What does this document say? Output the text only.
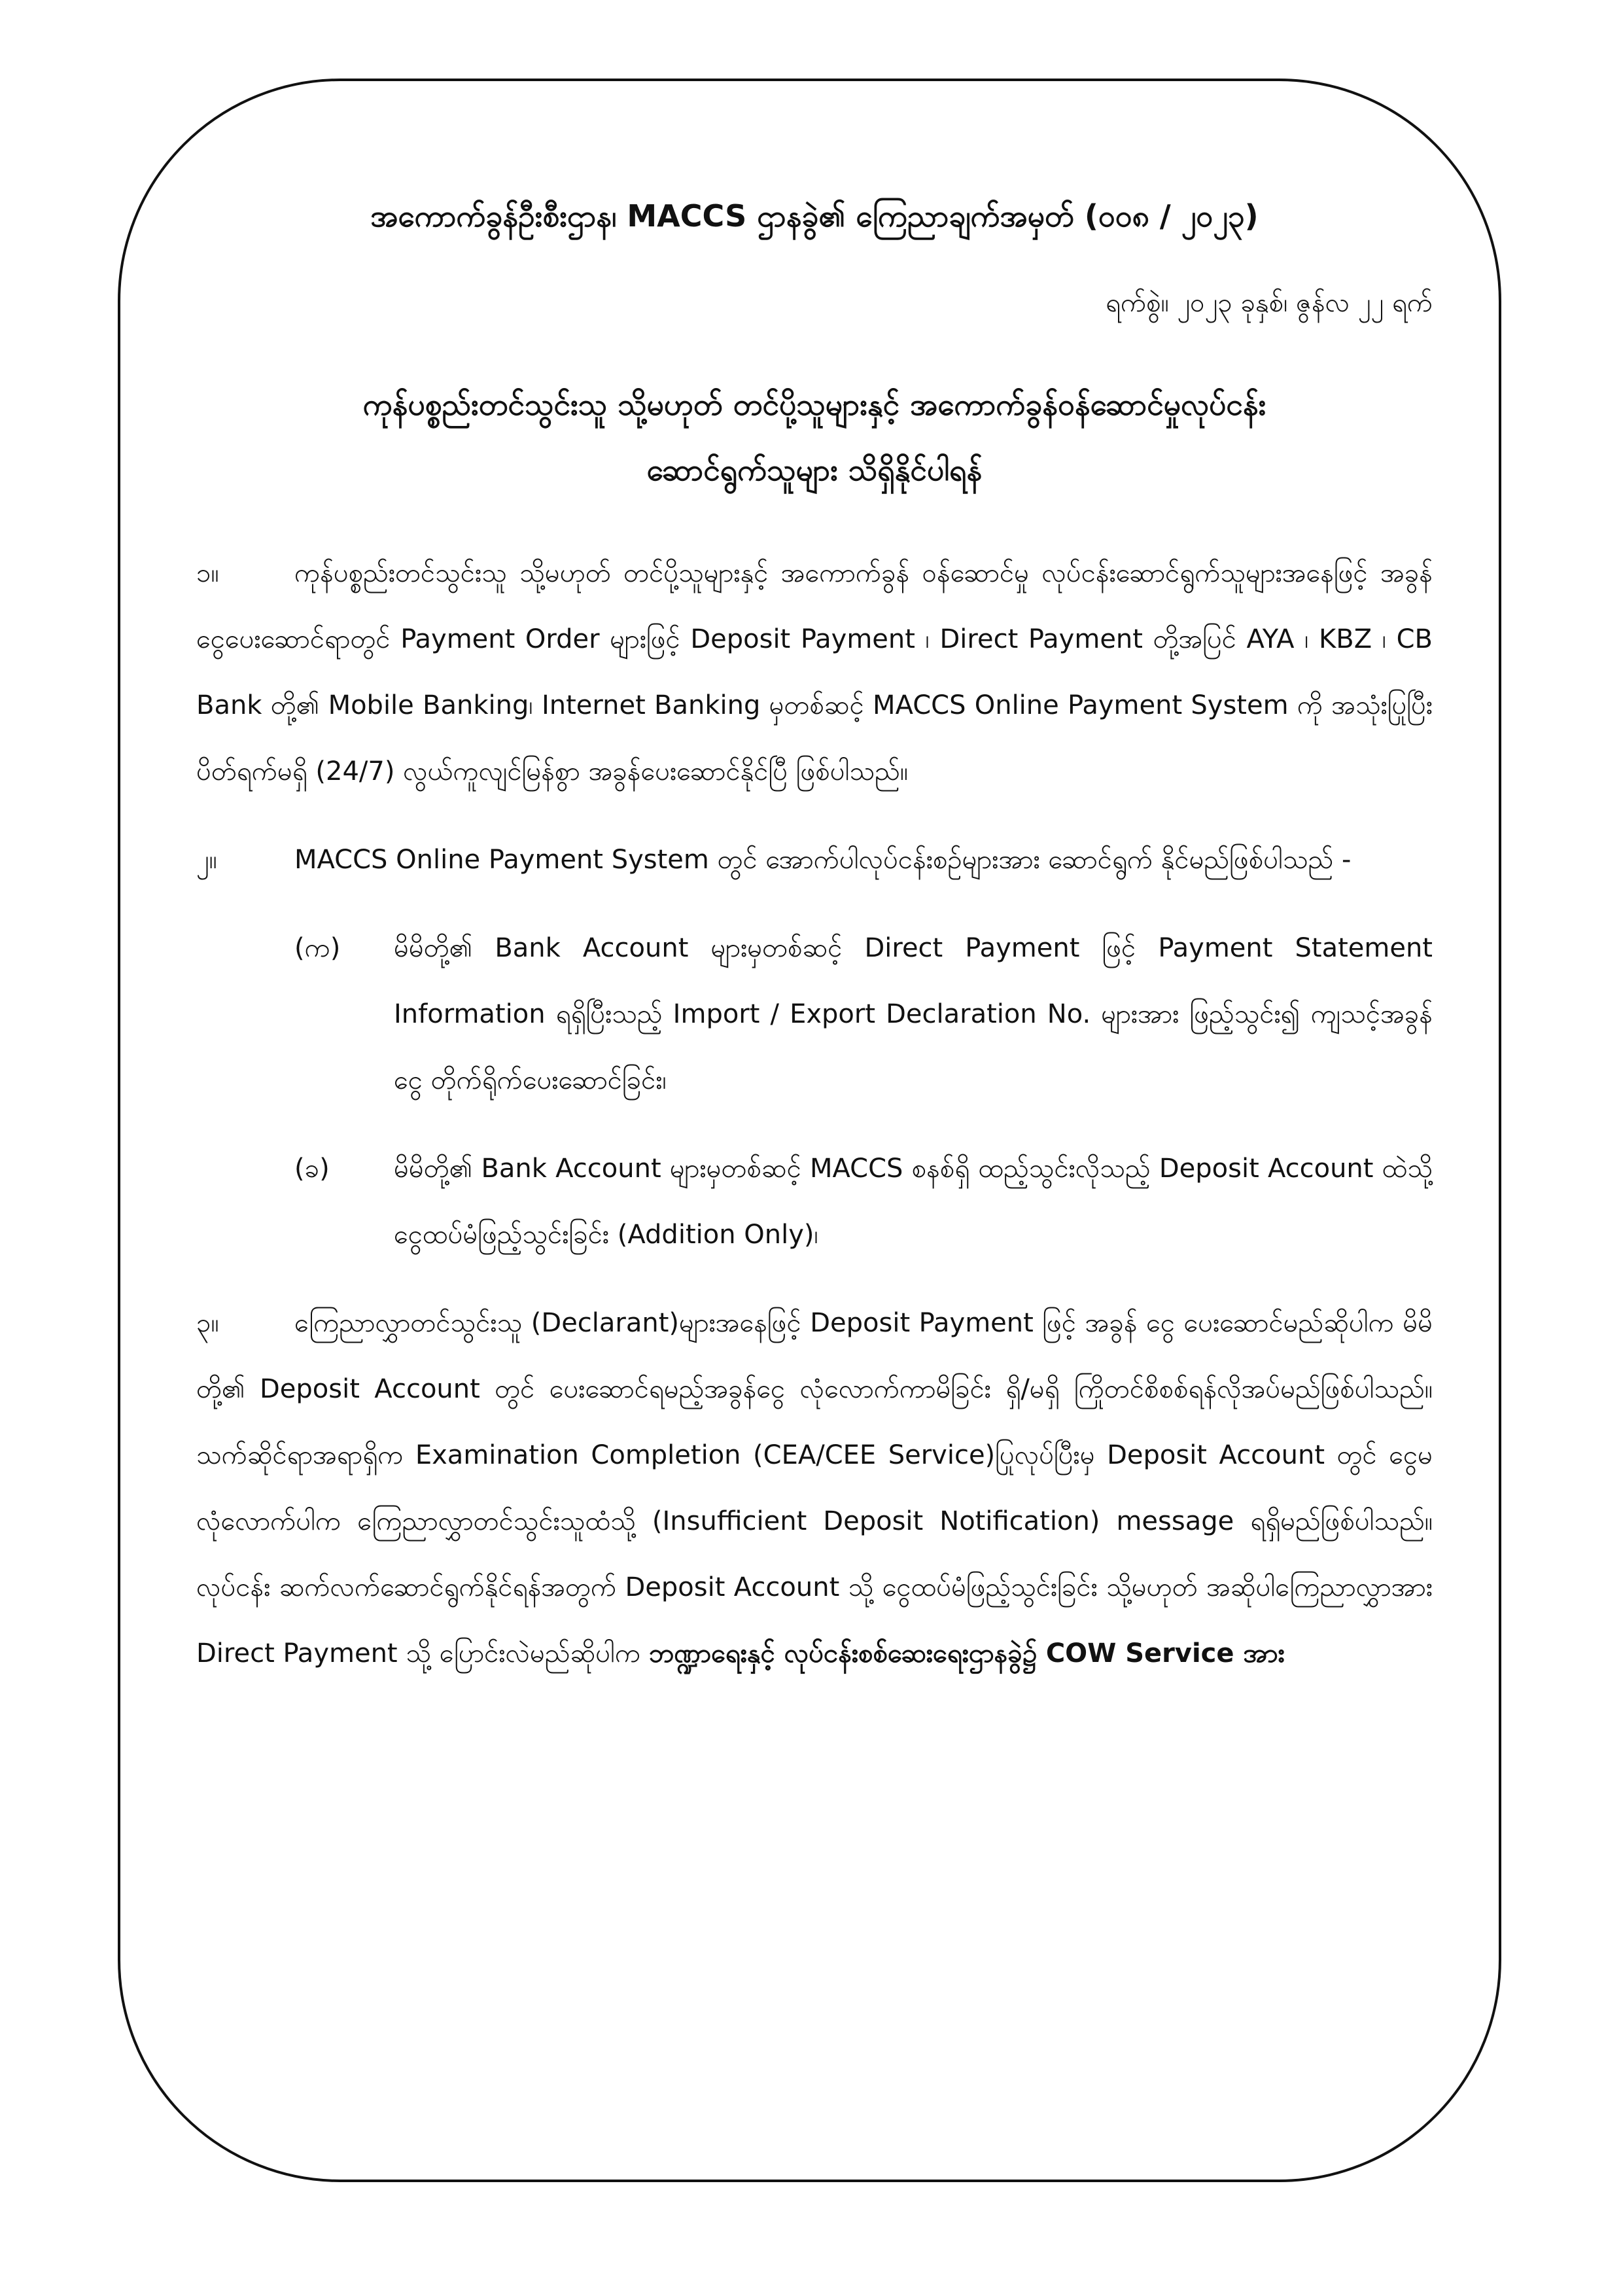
အကောက်ခွန်ဦးစီးဌာန၊ MACCS ဌာနခွဲ၏ ကြေညာချက်အမှတ် (၀၀၈ / ၂၀၂၃)

ရက်စွဲ။ ၂၀၂၃ ခုနှစ်၊ ဇွန်လ ၂၂ ရက်

ကုန်ပစ္စည်းတင်သွင်းသူ သို့မဟုတ် တင်ပို့သူများနှင့် အကောက်ခွန်ဝန်ဆောင်မှုလုပ်ငန်း
ဆောင်ရွက်သူများ သိရှိနိုင်ပါရန်

၁။	ကုန်ပစ္စည်းတင်သွင်းသူ သို့မဟုတ် တင်ပို့သူများနှင့် အကောက်ခွန် ဝန်ဆောင်မှု လုပ်ငန်းဆောင်ရွက်သူများအနေဖြင့် အခွန်ငွေပေးဆောင်ရာတွင် Payment Order များဖြင့် Deposit Payment ၊ Direct Payment တို့အပြင် AYA ၊ KBZ ၊ CB Bank တို့၏ Mobile Banking၊ Internet Banking မှတစ်ဆင့် MACCS Online Payment System ကို အသုံးပြုပြီး ပိတ်ရက်မရှိ (24/7) လွယ်ကူလျင်မြန်စွာ အခွန်ပေးဆောင်နိုင်ပြီ ဖြစ်ပါသည်။

၂။	MACCS Online Payment System တွင် အောက်ပါလုပ်ငန်းစဉ်များအား ဆောင်ရွက် နိုင်မည်ဖြစ်ပါသည် -

(က) မိမိတို့၏ Bank Account များမှတစ်ဆင့် Direct Payment ဖြင့် Payment Statement Information ရရှိပြီးသည့် Import / Export Declaration No. များအား ဖြည့်သွင်း၍ ကျသင့်အခွန်ငွေ တိုက်ရိုက်ပေးဆောင်ခြင်း၊

(ခ) မိမိတို့၏ Bank Account များမှတစ်ဆင့် MACCS စနစ်ရှိ ထည့်သွင်းလိုသည့် Deposit Account ထဲသို့ ငွေထပ်မံဖြည့်သွင်းခြင်း (Addition Only)၊

၃။	ကြေညာလွှာတင်သွင်းသူ (Declarant)များအနေဖြင့် Deposit Payment ဖြင့် အခွန် ငွေ ပေးဆောင်မည်ဆိုပါက မိမိတို့၏ Deposit Account တွင် ပေးဆောင်ရမည့်အခွန်ငွေ လုံလောက်ကာမိခြင်း ရှိ/မရှိ ကြိုတင်စိစစ်ရန်လိုအပ်မည်ဖြစ်ပါသည်။ သက်ဆိုင်ရာအရာရှိက Examination Completion (CEA/CEE Service)ပြုလုပ်ပြီးမှ Deposit Account တွင် ငွေမလုံလောက်ပါက ကြေညာလွှာတင်သွင်းသူထံသို့ (Insufficient Deposit Notification) message ရရှိမည်ဖြစ်ပါသည်။ လုပ်ငန်း ဆက်လက်ဆောင်ရွက်နိုင်ရန်အတွက် Deposit Account သို့ ငွေထပ်မံဖြည့်သွင်းခြင်း သို့မဟုတ် အဆိုပါကြေညာလွှာအား Direct Payment သို့ ပြောင်းလဲမည်ဆိုပါက ဘဏ္ဍာရေးနှင့် လုပ်ငန်းစစ်ဆေးရေးဌာနခွဲ၌ COW Service အား
